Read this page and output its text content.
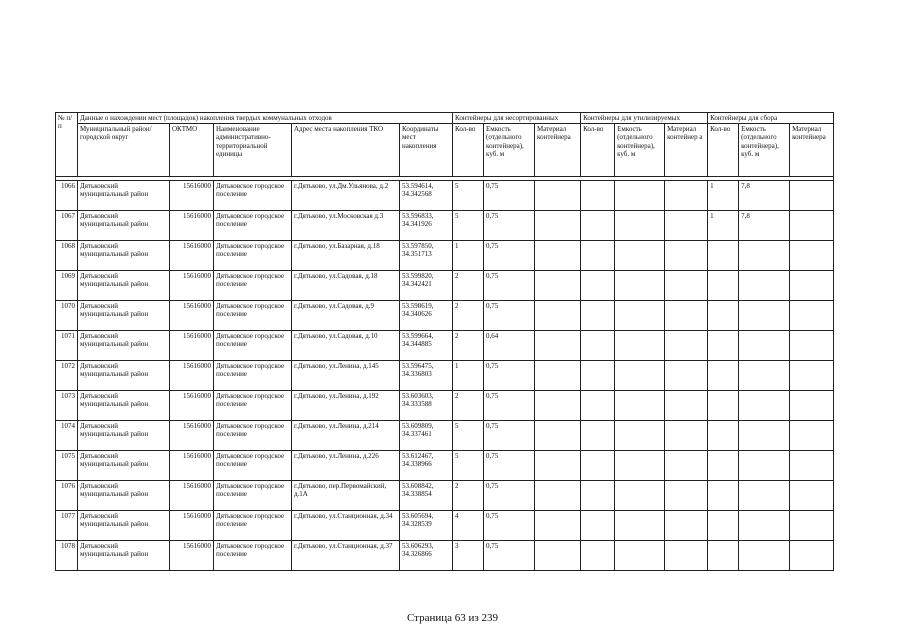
№ п/п	Данные о нахождении мест (площадок) накопления твердых коммунальных отходов					Контейнеры для несортированных			Контейнеры для утилизируемых			Контейнеры для сбора		
	Муниципальный район/городской округ	ОКТМО	Наименование административно-территориальной единицы	Адрес места накопления ТКО	Координаты мест накопления	Кол-во	Емкость (отдельного контейнера), куб. м	Материал контейнера	Кол-во	Емкость (отдельного контейнера), куб. м	Материал контейнер а	Кол-во	Емкость (отдельного контейнера), куб. м	Материал контейнера

1066	Дятьковский муниципальный район	15616000	Дятьковское городское поселение	г.Дятьково, ул.Дм.Ульянова, д.2	53.594614, 34.342568	5	0,75					1	7,8	
1067	Дятьковский муниципальный район	15616000	Дятьковское городское поселение	г.Дятьково, ул.Московская д.3	53.596833, 34.341926	5	0,75					1	7,8	
1068	Дятьковский муниципальный район	15616000	Дятьковское городское поселение	г.Дятьково, ул.Базарная, д.18	53.597850, 34.351713	1	0,75							
1069	Дятьковский муниципальный район	15616000	Дятьковское городское поселение	г.Дятьково, ул.Садовая, д.18	53.599820, 34.342421	2	0,75							
1070	Дятьковский муниципальный район	15616000	Дятьковское городское поселение	г.Дятьково, ул.Садовая, д.9	53.598619, 34.340626	2	0,75							
1071	Дятьковский муниципальный район	15616000	Дятьковское городское поселение	г.Дятьково, ул.Садовая, д.10	53.599664, 34.344885	2	0,64							
1072	Дятьковский муниципальный район	15616000	Дятьковское городское поселение	г.Дятьково, ул.Ленина, д.145	53.596475, 34.336803	1	0,75							
1073	Дятьковский муниципальный район	15616000	Дятьковское городское поселение	г.Дятьково, ул.Ленина, д.192	53.603603, 34.333588	2	0,75							
1074	Дятьковский муниципальный район	15616000	Дятьковское городское поселение	г.Дятьково, ул.Ленина, д.214	53.609809, 34.337461	5	0,75							
1075	Дятьковский муниципальный район	15616000	Дятьковское городское поселение	г.Дятьково, ул.Ленина, д.226	53.612467, 34.338966	5	0,75							
1076	Дятьковский муниципальный район	15616000	Дятьковское городское поселение	г.Дятьково, пер.Первомайский, д.1А	53.608842, 34.338854	2	0,75							
1077	Дятьковский муниципальный район	15616000	Дятьковское городское поселение	г.Дятьково, ул.Станционная, д.34	53.605694, 34.328539	4	0,75							
1078	Дятьковский муниципальный район	15616000	Дятьковское городское поселение	г.Дятьково, ул.Станционная, д.37	53.606293, 34.326866	3	0,75							
Страница 63 из 239
